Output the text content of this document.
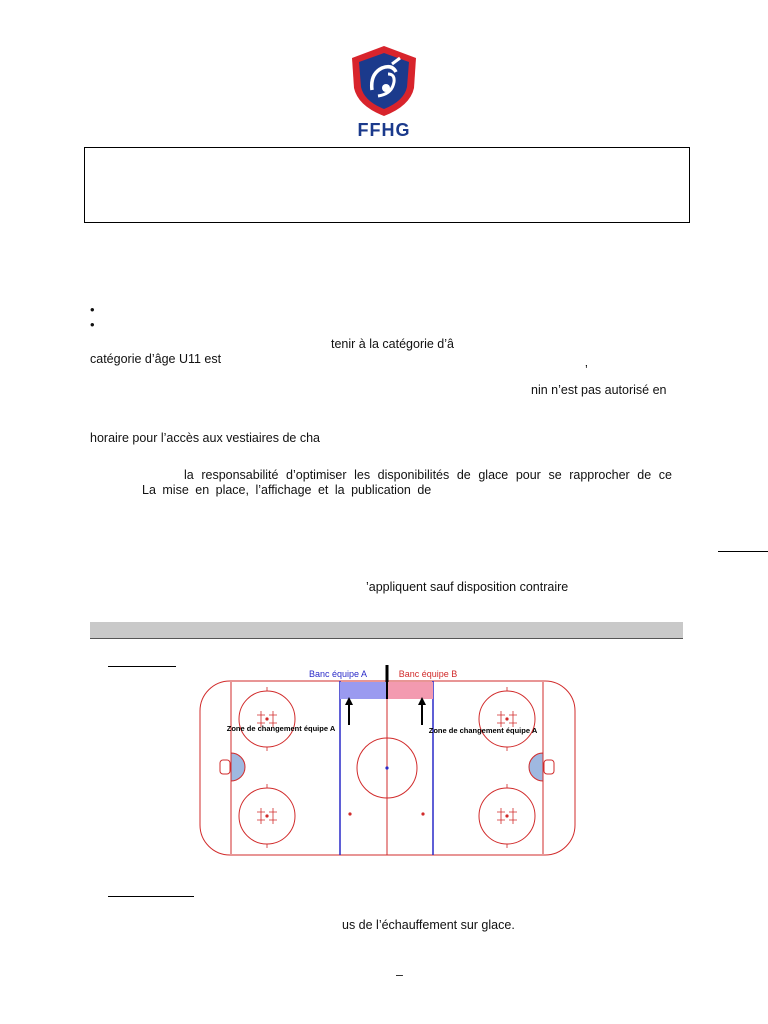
FFHG
•
•
tenir à la catégorie d’â
catégorie d’âge U11 est
’
nin n’est pas autorisé en
horaire pour l’accès aux vestiaires de cha
la responsabilité d’optimiser les disponibilités de glace pour se rapprocher de ce
La mise en place, l’affichage et la publication de
’appliquent sauf disposition contraire
Banc équipe A	Banc équipe B
Zone de changement équipe A	Zone de changement équipe A
us de l’échauffement sur glace.
–
